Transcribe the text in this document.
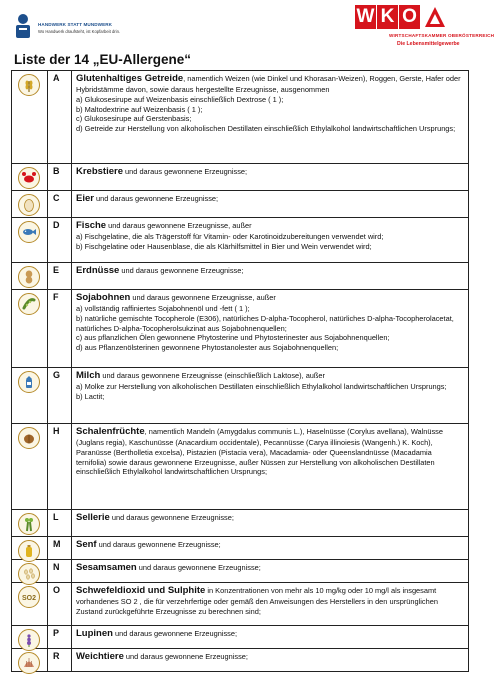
HANDWERK STATT MUNDWERK
Wo Handwerk draufsteht, ist Kopfarbeit drin.
W K O
WIRTSCHAFTSKAMMER OBERÖSTERREICH
Die Lebensmittelgewerbe
Liste der 14 „EU-Allergene“
	A	Glutenhaltiges Getreide, namentlich Weizen (wie Dinkel und Khorasan-Weizen), Roggen, Gerste, Hafer oder Hybridstämme davon, sowie daraus hergestellte Erzeugnisse, ausgenommen
a) Glukosesirupe auf Weizenbasis einschließlich Dextrose ( 1 );
b) Maltodextrine auf Weizenbasis ( 1 );
c) Glukosesirupe auf Gerstenbasis;
d) Getreide zur Herstellung von alkoholischen Destillaten einschließlich Ethylalkohol landwirtschaftlichen Ursprungs;

	B	Krebstiere und daraus gewonnene Erzeugnisse;

	C	Eier und daraus gewonnene Erzeugnisse;

	D	Fische und daraus gewonnene Erzeugnisse, außer
a) Fischgelatine, die als Trägerstoff für Vitamin- oder Karotinoidzubereitungen verwendet wird;
b) Fischgelatine oder Hausenblase, die als Klärhilfsmittel in Bier und Wein verwendet wird;

	E	Erdnüsse und daraus gewonnene Erzeugnisse;

	F	Sojabohnen und daraus gewonnene Erzeugnisse, außer
a) vollständig raffiniertes Sojabohnenöl und -fett ( 1 );
b) natürliche gemischte Tocopherole (E306), natürliches D-alpha-Tocopherol, natürliches D-alpha-Tocopherolacetat, natürliches D-alpha-Tocopherolsukzinat aus Sojabohnenquellen;
c) aus pflanzlichen Ölen gewonnene Phytosterine und Phytosterinester aus Sojabohnenquellen;
d) aus Pflanzenölsterinen gewonnene Phytostanolester aus Sojabohnenquellen;

	G	Milch und daraus gewonnene Erzeugnisse (einschließlich Laktose), außer
a) Molke zur Herstellung von alkoholischen Destillaten einschließlich Ethylalkohol landwirtschaftlichen Ursprungs;
b) Lactit;

	H	Schalenfrüchte, namentlich Mandeln (Amygdalus communis L.), Haselnüsse (Corylus avellana), Walnüsse (Juglans regia), Kaschunüsse (Anacardium occidentale), Pecannüsse (Carya illinoiesis (Wangenh.) K. Koch), Paranüsse (Bertholletia excelsa), Pistazien (Pistacia vera), Macadamia- oder Queenslandnüsse (Macadamia ternifolia) sowie daraus gewonnene Erzeugnisse, außer Nüssen zur Herstellung von alkoholischen Destillaten einschließlich Ethylalkohol landwirtschaftlichen Ursprungs;

	L	Sellerie und daraus gewonnene Erzeugnisse;

	M	Senf und daraus gewonnene Erzeugnisse;

	N	Sesamsamen und daraus gewonnene Erzeugnisse;

SO2	O	Schwefeldioxid und Sulphite in Konzentrationen von mehr als 10 mg/kg oder 10 mg/l als insgesamt vorhandenes SO 2 , die für verzehrfertige oder gemäß den Anweisungen des Herstellers in den ursprünglichen Zustand zurückgeführte Erzeugnisse zu berechnen sind;

	P	Lupinen und daraus gewonnene Erzeugnisse;

	R	Weichtiere und daraus gewonnene Erzeugnisse;
